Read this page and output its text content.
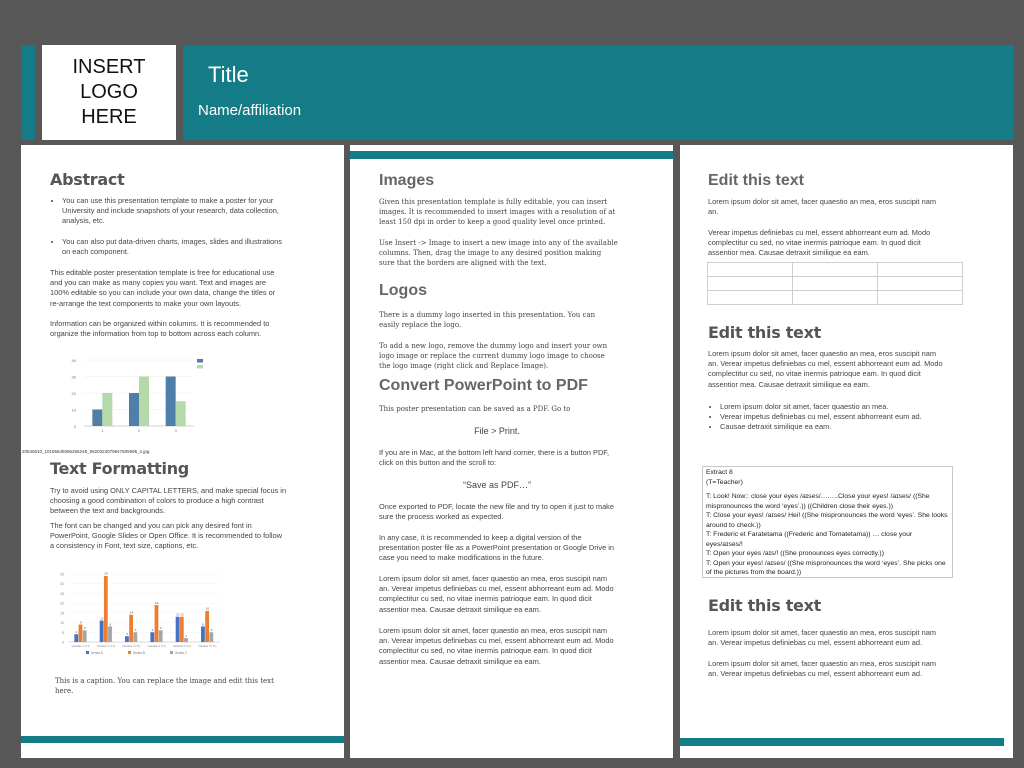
INSERT
LOGO
HERE
Title
Name/affiliation
Abstract
• You can use this presentation template to make a poster for your University and include snapshots of your research, data collection, analysis, etc.
• You can also put data-driven charts, images, slides and illustrations on each component.
This editable poster presentation template is free for educational use and you can make as many copies you want. Text and images are 100% editable so you can include your own data, change the titles or re-arrange the text components to make your own layouts.
Information can be organized within columns. It is recommended to organize the information from top to bottom across each column.
0
10
20
30
40
1	2	3
20840610_10155645066256248_6820324079847505995_n.jpg
Text Formatting
Try to avoid using ONLY CAPITAL LETTERS, and make special focus in choosing a good combination of colors to produce a high contrast between the text and backgrounds.
The font can be changed and you can pick any desired font in PowerPoint, Google Slides or Open Office. It is recommended to follow a consistency in Font, text size, captions, etc.
0
5
10
15
20
25
30
35
4
9
6
Variable 1 (T1)
11
34
8
Variable 2 (T1)
3
14
5
Variable 3 (T1)
5
19
6
Variable 4 (T1)
13 13
2
Variable 5 (T1)
8
16
5
Variable 6 (T1)
Series A	Series B	Series C
This is a caption. You can replace the image and edit this text here.
Images
Given this presentation template is fully editable, you can insert images. It is recommended to insert images with a resolution of at least 150 dpi in order to keep a good quality level once printed.
Use Insert -> Image to insert a new image into any of the available columns. Then, drag the image to any desired position making sure that the borders are aligned with the text.
Logos
There is a dummy logo inserted in this presentation. You can easily replace the logo.
To add a new logo, remove the dummy logo and insert your own logo image or replace the current dummy logo image to choose the logo image (right click and Replace Image).
Convert PowerPoint to PDF
This poster presentation can be saved as a PDF. Go to
File > Print.
If you are in Mac, at the bottom left hand corner, there is a button PDF, click on this button and the scroll to:
“Save as PDF…”
Once exported to PDF, locate the new file and try to open it just to make sure the process worked as expected.
In any case, it is recommended to keep a digital version of the presentation poster file as a PowerPoint presentation or Google Drive in case you need to make modifications in the future.
Lorem ipsum dolor sit amet, facer quaestio an mea, eros suscipit nam an. Verear impetus definiebas cu mel, essent abhorreant eum ad. Modo complectitur cu sed, no vitae inermis patrioque eam. In quod dicit assentior mea. Causae detraxit similique ea eam.
Lorem ipsum dolor sit amet, facer quaestio an mea, eros suscipit nam an. Verear impetus definiebas cu mel, essent abhorreant eum ad. Modo complectitur cu sed, no vitae inermis patrioque eam. In quod dicit assentior mea. Causae detraxit similique ea eam.
Edit this text
Lorem ipsum dolor sit amet, facer quaestio an mea, eros suscipit nam an.
Verear impetus definiebas cu mel, essent abhorreant eum ad. Modo complectitur cu sed, no vitae inermis patrioque eam. In quod dicit assentior mea. Causae detraxit similique ea eam.

Edit this text
Lorem ipsum dolor sit amet, facer quaestio an mea, eros suscipit nam an. Verear impetus definiebas cu mel, essent abhorreant eum ad. Modo complectitur cu sed, no vitae inermis patrioque eam. In quod dicit assentior mea. Causae detraxit similique ea eam.
• Lorem ipsum dolor sit amet, facer quaestio an mea.
• Verear impetus definiebas cu mel, essent abhorreant eum ad.
• Causae detraxit similique ea eam.
Extract 8
(T=Teacher)
T: Look! Now:: close your eyes /aɪses/……..Close your eyes! /aɪses/ ((She
mispronounces the word ‘eyes’.)) ((Children close their eyes.))
T: Close your eyes! /aɪses/ Hei! ((She mispronounces the word ‘eyes’. She looks
around to check.))
T: Frederic et Faratetama ((Frederic and Tomatetama)) … close your
eyes/aɪses/!
T: Open your eyes /aɪs/! ((She pronounces eyes correctly.))
T: Open your eyes! /aɪses/ ((She mispronounces the word ‘eyes’. She picks one
of the pictures from the board.))
Edit this text
Lorem ipsum dolor sit amet, facer quaestio an mea, eros suscipit nam an. Verear impetus definiebas cu mel, essent abhorreant eum ad.
Lorem ipsum dolor sit amet, facer quaestio an mea, eros suscipit nam an. Verear impetus definiebas cu mel, essent abhorreant eum ad.
